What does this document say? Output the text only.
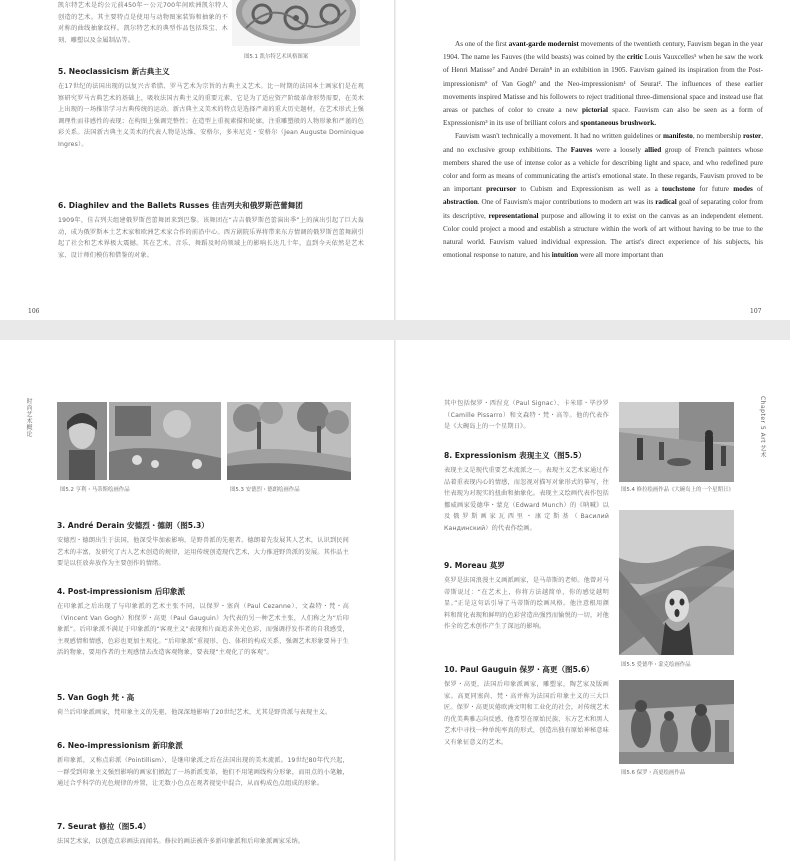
凯尔特艺术是约公元前450年～公元700年间欧洲凯尔特人创造的艺术。其主要特点是使用与动物图案装饰和抽象的不对称的曲线抽象纹样。凯尔特艺术的典型作品包括珠宝、木刻、雕塑以及金属制品等。
图5.1 凯尔特艺术风格图案

5. Neoclassicism 新古典主义

在17世纪的法国出现的以复兴古希腊、罗马艺术为宗旨的古典主义艺术。比一时期的法国本土画家们是在观察研究罗马古典艺术的基础上，吸收法国古典主义的重要元素，它是为了适应资产阶级革命形势需要，在美术上出现的一场推崇学习古典传统的运动。新古典主义美术的特点是选择严肃的重大历史题材，在艺术形式上强调理性而非感性的表现；在构图上强调完整性；在造型上重视素描和轮廓，注重雕塑般的人物形象和严谨的色彩关系。法国新古典主义美术的代表人物是达维、安格尔，多米尼克・安格尔（Jean Auguste Dominique Ingres）。

6. Diaghilev and the Ballets Russes 佳吉列夫和俄罗斯芭蕾舞团

1909年，佳吉列夫组建俄罗斯芭蕾舞团来到巴黎。该舞团在“吉吉俄罗斯芭蕾演出季”上的演出引起了巨大轰动，成为俄罗斯本土艺术家和欧洲艺术家合作的前沿中心。西方剧院乐界将带来东方情调的俄罗斯芭蕾舞剧引起了社会和艺术界极大震撼。其在艺术、音乐、舞蹈及时尚领域上的影响长达几十年，直到今天依然是艺术家、设计师们模仿和借鉴的对象。
106

As one of the first avant-garde modernist movements of the twentieth century, Fauvism began in the year 1904. The name les Fauves (the wild beasts) was coined by the critic Louis Vauxcelles⁵ when he saw the work of Henri Matisse⁷ and André Derain⁸ in an exhibition in 1905. Fauvism gained its inspiration from the Post-impressionism⁹ of Van Gogh⁰ and the Neo-impressionism¹ of Seurat². The influences of these earlier movements inspired Matisse and his followers to reject traditional three-dimensional space and instead use flat areas or patches of color to create a new pictorial space. Fauvism can also be seen as a form of Expressionism³ in its use of brilliant colors and spontaneous brushwork.

Fauvism wasn't technically a movement. It had no written guidelines or manifesto, no membership roster, and no exclusive group exhibitions. The Fauves were a loosely allied group of French painters whose members shared the use of intense color as a vehicle for describing light and space, and who redefined pure color and form as means of communicating the artist's emotional state. In these regards, Fauvism proved to be an important precursor to Cubism and Expressionism as well as a touchstone for future modes of abstraction. One of Fauvism's major contributions to modern art was its radical goal of separating color from its descriptive, representational purpose and allowing it to exist on the canvas as an independent element. Color could project a mood and establish a structure within the work of art without having to be true to the natural world. Fauvism valued individual expression. The artist's direct experience of his subjects, his emotional response to nature, and his intuition were all more important than

107
时尚艺术概论
图5.2 亨利・马蒂斯绘画作品	图5.3 安德烈・德朗绘画作品

3. André Derain 安德烈・德朗（图5.3）

安德烈・德朗出生于法国，他深受毕加索影响，是野兽派的先驱者。德朗着先发展其人艺术，认识到民间艺术的丰富，发研究了古人艺术创造的规律，运用传统创造现代艺术，大力推进野兽派的发展。其作品主要是以狂放奔放作为主要创作的情绪。

4. Post-impressionism 后印象派

在印象派之后出现了与印象派的艺术主张不同，以保罗・塞尚（Paul Cezanne）、文森特・梵・高（Vincent Van Gogh）和保罗・高更（Paul Gauguin）为代表的另一种艺术主张，人们称之为“后印象派”。后印象派不满足于印象派的“客观主义”表现和片面追求外光色彩，而强调抒发作者的自我感受，主观感情和情感，色彩也更加主观化。“后印象派”重视形、色、体积的构成关系，强调艺术形象要异于生活的物象，要用作者的主观感情去改造客观物象，要表现“主观化了的客观”。

5. Van Gogh 梵・高

荷兰后印象派画家，梵印象主义的先驱，他深深地影响了20世纪艺术，尤其是野兽派与表现主义。

6. Neo-impressionism 新印象派

新印象派，又称点彩派（Pointillism），是继印象派之后在法国出现的美术流派。19世纪80年代兴起，一群受到印象主义强烈影响的画家们掀起了一场新派变革，他们不用笔画线构分形象，而用点的小笔触，通过合乎科学的光色规律的并置，让无数小色点在观者视觉中混合，从而构成色点组成的形象。

7. Seurat 修拉（图5.4）

法国艺术家，以创造点彩画法而闻名。修拉的画法被许多新印象派和后印象派画家采纳。
Chapter 5 Art 艺术
其中包括保罗・西涅克（Paul Signac）、卡米耶・毕沙罗（Camille Pissarro）和文森特・梵・高等。他的代表作是《大碗岛上的一个星期日》。

8. Expressionism 表现主义（图5.5）

表现主义是现代重要艺术流派之一。表现主义艺术家通过作品着重表现内心的情感，而忽视对描写对象形式的摹写，往往表现为对现实的扭曲和抽象化。表现主义绘画代表作包括挪威画家爱德华・蒙克（Edward Munch）的《呐喊》以及俄罗斯画家瓦西里・康定斯基（Василий Кандинский）的代表作绘画。

9. Moreau 莫罗

莫罗是法国浪漫主义画派画家，是马蒂斯的老师。他曾对马蒂斯说过：“在艺术上，你将方法越简单，你的感觉越明显。”正是这句话引导了马蒂斯的绘画风格。他注意根用颜料和简化表现和鲜明的色彩营造出强烈而愉悦的一切，对他作全的艺术创作产生了深远的影响。

10. Paul Gauguin 保罗・高更（图5.6）

保罗・高更，法国后印象派画家，雕塑家，陶艺家及版画家。高更同塞尚、梵・高并称为法国后印象主义的三大巨匠。保罗・高更厌倦欧洲文明和工业化的社会，对传统艺术的优美典雅志向反感，他希望在原始民族、东方艺术和黑人艺术中寻找一种单纯率真的形式，创造出独有原始神秘意味又有象征意义的艺术。
图5.4 修拉绘画作品《大碗岛上的一个星期日》
图5.5 爱德华・蒙克绘画作品
图5.6 保罗・高更绘画作品
